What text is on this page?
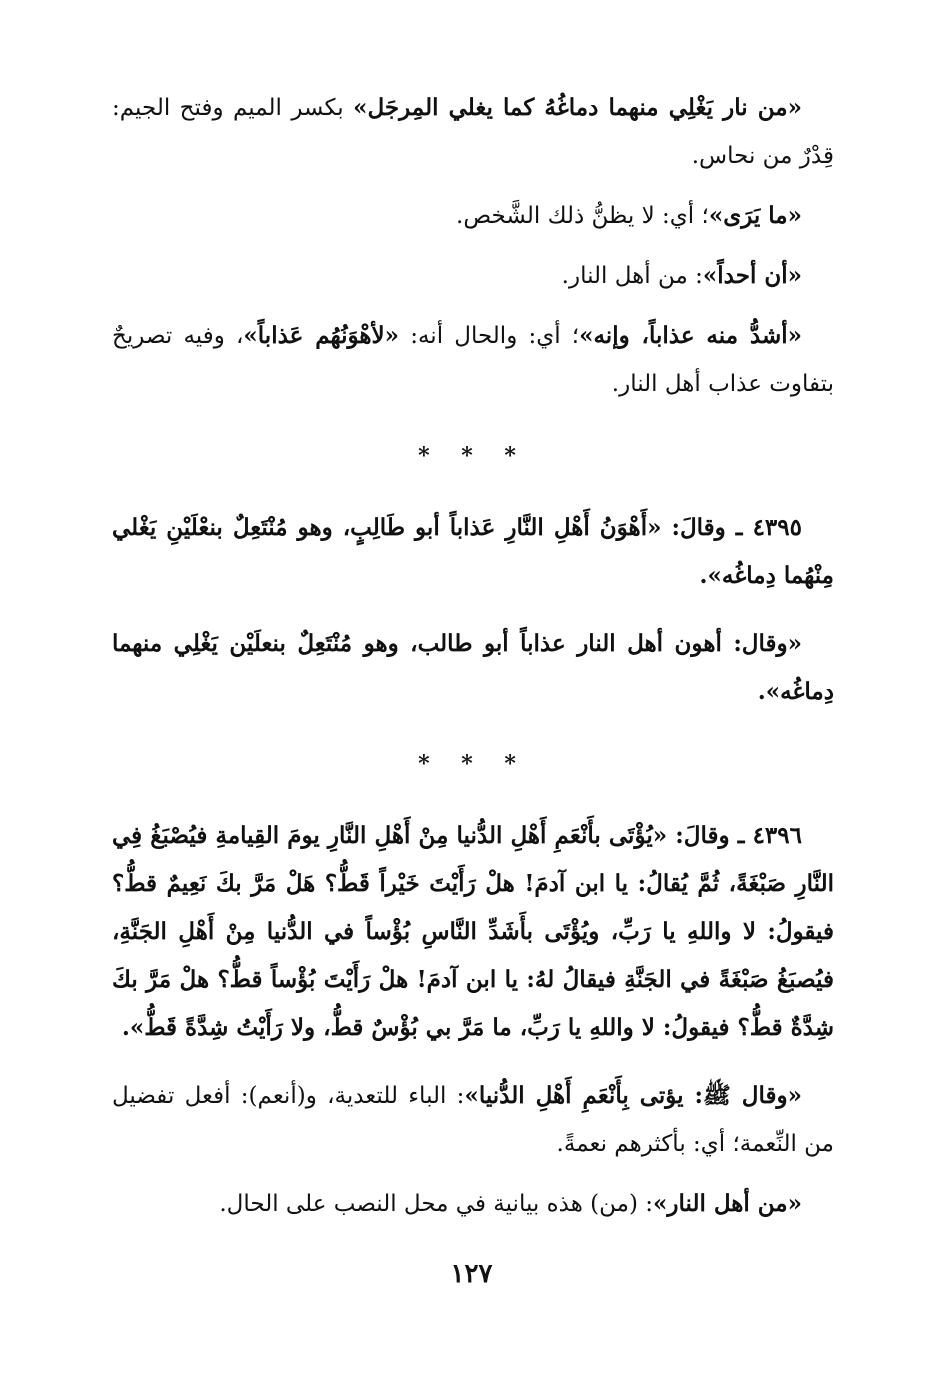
«من نار يَغْلِي منهما دماغُهُ كما يغلي المِرجَل» بكسر الميم وفتح الجيم: قِدْرٌ من نحاس.

«ما يَرَى»؛ أي: لا يظنُّ ذلك الشَّخص.

«أن أحداً»: من أهل النار.

«أشدُّ منه عذاباً، وإنه»؛ أي: والحال أنه: «لأهْوَنُهُم عَذاباً»، وفيه تصريحٌ بتفاوت عذاب أهل النار.

* * *

٤٣٩٥ ـ وقالَ: «أَهْوَنُ أَهْلِ النَّارِ عَذاباً أبو طَالِبٍ، وهو مُنْتَعِلٌ بنعْلَيْنِ يَغْلي مِنْهُما دِماغُه».

«وقال: أهون أهل النار عذاباً أبو طالب، وهو مُنْتَعِلٌ بنعلَيْن يَغْلِي منهما دِماغُه».

* * *

٤٣٩٦ ـ وقالَ: «يُؤْتَى بأَنْعَمِ أَهْلِ الدُّنيا مِنْ أَهْلِ النَّارِ يومَ القِيامةِ فيُصْبَغُ فِي النَّارِ صَبْغَةً، ثُمَّ يُقالُ: يا ابن آدمَ! هلْ رَأَيْتَ خَيْراً قَطُّ؟ هَلْ مَرَّ بكَ نَعِيمٌ قطُّ؟ فيقولُ: لا واللهِ يا رَبِّ، ويُؤْتَى بأَشَدِّ النَّاسِ بُؤْساً في الدُّنيا مِنْ أَهْلِ الجَنَّةِ، فيُصبَغُ صَبْغَةً في الجَنَّةِ فيقالُ لهُ: يا ابن آدمَ! هلْ رَأَيْتَ بُؤْساً قطُّ؟ هلْ مَرَّ بكَ شِدَّةٌ قطُّ؟ فيقولُ: لا واللهِ يا رَبِّ، ما مَرَّ بي بُؤْسٌ قطُّ، ولا رَأَيْتُ شِدَّةً قَطُّ».

«وقال ﷺ: يؤتى بِأَنْعَمِ أَهْلِ الدُّنيا»: الباء للتعدية، و(أنعم): أفعل تفضيل من النِّعمة؛ أي: بأكثرهم نعمةً.

«من أهل النار»: (من) هذه بيانية في محل النصب على الحال.

١٢٧
